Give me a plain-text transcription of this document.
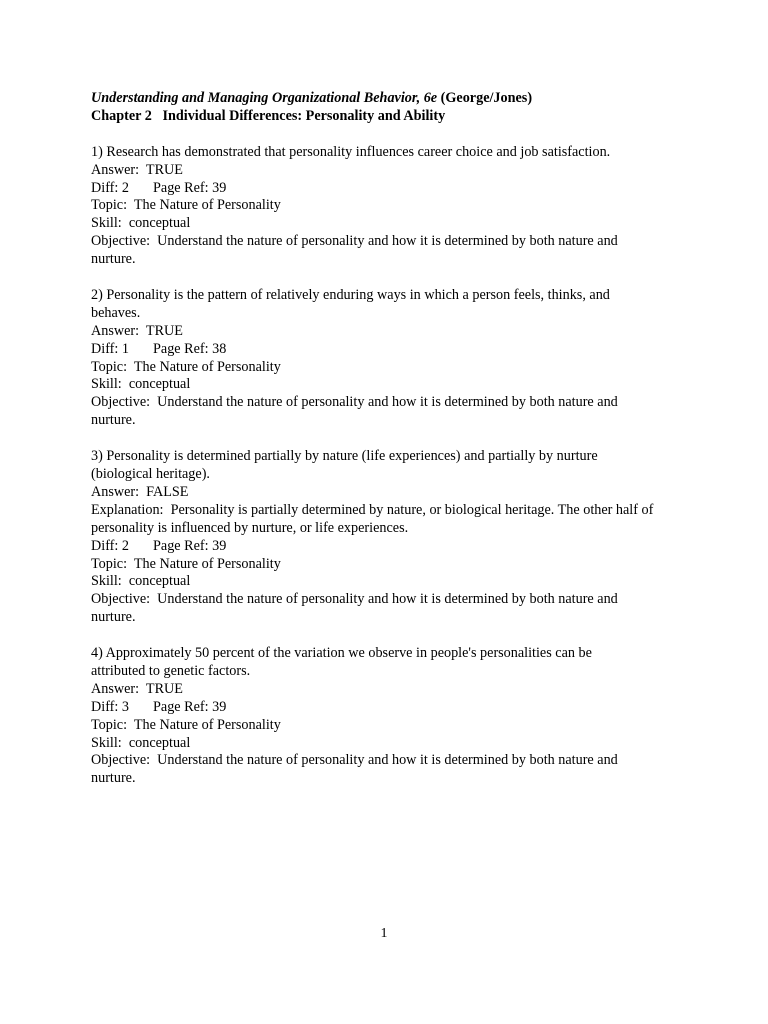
Understanding and Managing Organizational Behavior, 6e (George/Jones)
Chapter 2   Individual Differences: Personality and Ability
1) Research has demonstrated that personality influences career choice and job satisfaction.
Answer:  TRUE
Diff: 2 Page Ref: 39
Topic:  The Nature of Personality
Skill:  conceptual
Objective:  Understand the nature of personality and how it is determined by both nature and nurture.
2) Personality is the pattern of relatively enduring ways in which a person feels, thinks, and behaves.
Answer:  TRUE
Diff: 1 Page Ref: 38
Topic:  The Nature of Personality
Skill:  conceptual
Objective:  Understand the nature of personality and how it is determined by both nature and nurture.
3) Personality is determined partially by nature (life experiences) and partially by nurture (biological heritage).
Answer:  FALSE
Explanation:  Personality is partially determined by nature, or biological heritage. The other half of personality is influenced by nurture, or life experiences.
Diff: 2 Page Ref: 39
Topic:  The Nature of Personality
Skill:  conceptual
Objective:  Understand the nature of personality and how it is determined by both nature and nurture.
4) Approximately 50 percent of the variation we observe in people's personalities can be attributed to genetic factors.
Answer:  TRUE
Diff: 3 Page Ref: 39
Topic:  The Nature of Personality
Skill:  conceptual
Objective:  Understand the nature of personality and how it is determined by both nature and nurture.
1
